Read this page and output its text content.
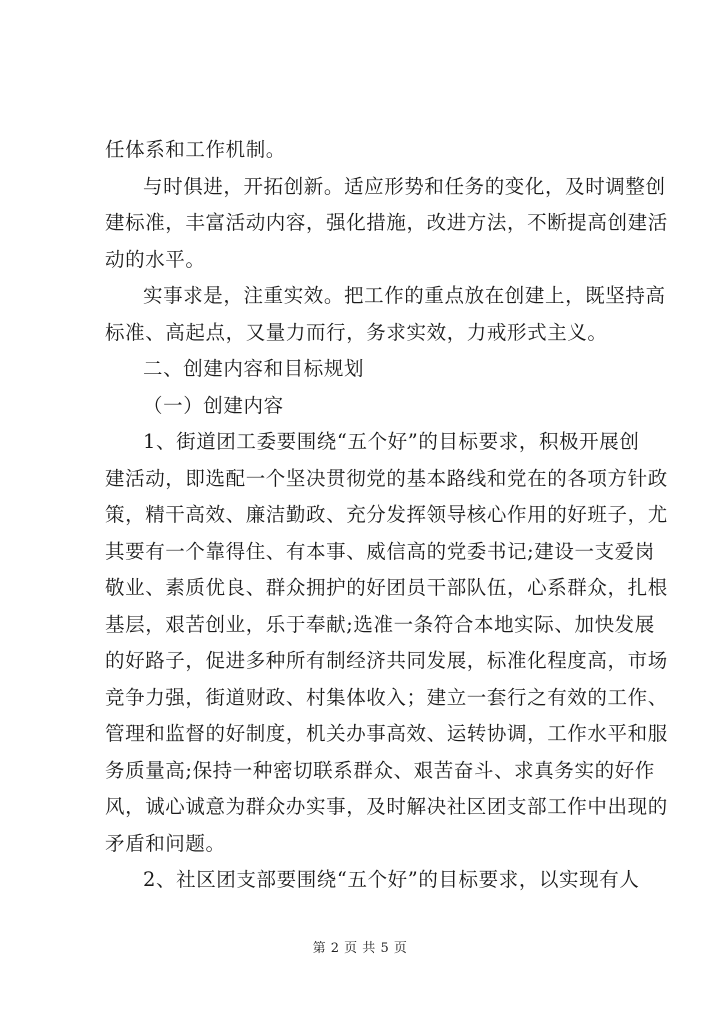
任体系和工作机制。
与时俱进，开拓创新。适应形势和任务的变化，及时调整创
建标准，丰富活动内容，强化措施，改进方法，不断提高创建活
动的水平。
实事求是，注重实效。把工作的重点放在创建上，既坚持高
标准、高起点，又量力而行，务求实效，力戒形式主义。
二、创建内容和目标规划
（一）创建内容
1、街道团工委要围绕“五个好”的目标要求，积极开展创
建活动，即选配一个坚决贯彻党的基本路线和党在的各项方针政
策，精干高效、廉洁勤政、充分发挥领导核心作用的好班子，尤
其要有一个靠得住、有本事、威信高的党委书记;建设一支爱岗
敬业、素质优良、群众拥护的好团员干部队伍，心系群众，扎根
基层，艰苦创业，乐于奉献;选准一条符合本地实际、加快发展
的好路子，促进多种所有制经济共同发展，标准化程度高，市场
竞争力强，街道财政、村集体收入；建立一套行之有效的工作、
管理和监督的好制度，机关办事高效、运转协调，工作水平和服
务质量高;保持一种密切联系群众、艰苦奋斗、求真务实的好作
风，诚心诚意为群众办实事，及时解决社区团支部工作中出现的
矛盾和问题。
2、社区团支部要围绕“五个好”的目标要求，以实现有人
第 2 页 共 5 页
